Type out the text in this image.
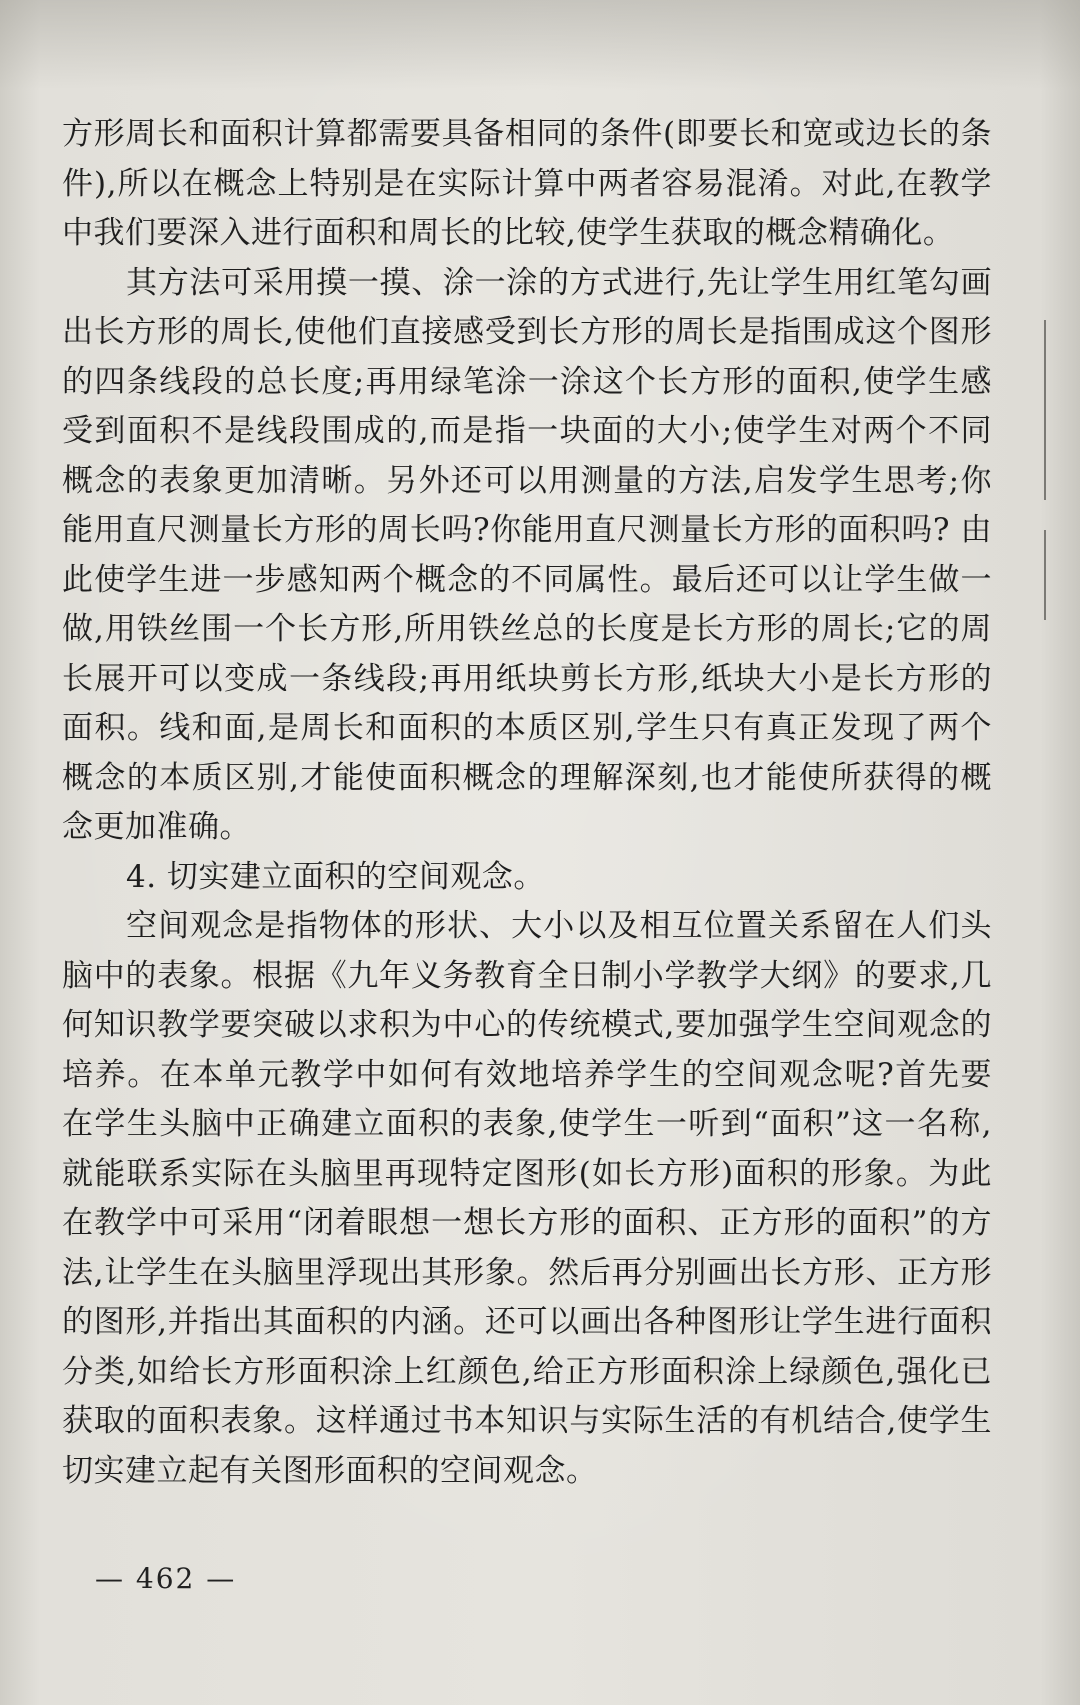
方形周长和面积计算都需要具备相同的条件(即要长和宽或边长的条件),所以在概念上特别是在实际计算中两者容易混淆。对此,在教学中我们要深入进行面积和周长的比较,使学生获取的概念精确化。

其方法可采用摸一摸、涂一涂的方式进行,先让学生用红笔勾画出长方形的周长,使他们直接感受到长方形的周长是指围成这个图形的四条线段的总长度;再用绿笔涂一涂这个长方形的面积,使学生感受到面积不是线段围成的,而是指一块面的大小;使学生对两个不同概念的表象更加清晰。另外还可以用测量的方法,启发学生思考;你能用直尺测量长方形的周长吗?你能用直尺测量长方形的面积吗? 由此使学生进一步感知两个概念的不同属性。最后还可以让学生做一做,用铁丝围一个长方形,所用铁丝总的长度是长方形的周长;它的周长展开可以变成一条线段;再用纸块剪长方形,纸块大小是长方形的面积。线和面,是周长和面积的本质区别,学生只有真正发现了两个概念的本质区别,才能使面积概念的理解深刻,也才能使所获得的概念更加准确。

4. 切实建立面积的空间观念。

空间观念是指物体的形状、大小以及相互位置关系留在人们头脑中的表象。根据《九年义务教育全日制小学教学大纲》的要求,几何知识教学要突破以求积为中心的传统模式,要加强学生空间观念的培养。在本单元教学中如何有效地培养学生的空间观念呢?首先要在学生头脑中正确建立面积的表象,使学生一听到“面积”这一名称,就能联系实际在头脑里再现特定图形(如长方形)面积的形象。为此在教学中可采用“闭着眼想一想长方形的面积、正方形的面积”的方法,让学生在头脑里浮现出其形象。然后再分别画出长方形、正方形的图形,并指出其面积的内涵。还可以画出各种图形让学生进行面积分类,如给长方形面积涂上红颜色,给正方形面积涂上绿颜色,强化已获取的面积表象。这样通过书本知识与实际生活的有机结合,使学生切实建立起有关图形面积的空间观念。

— 462 —
